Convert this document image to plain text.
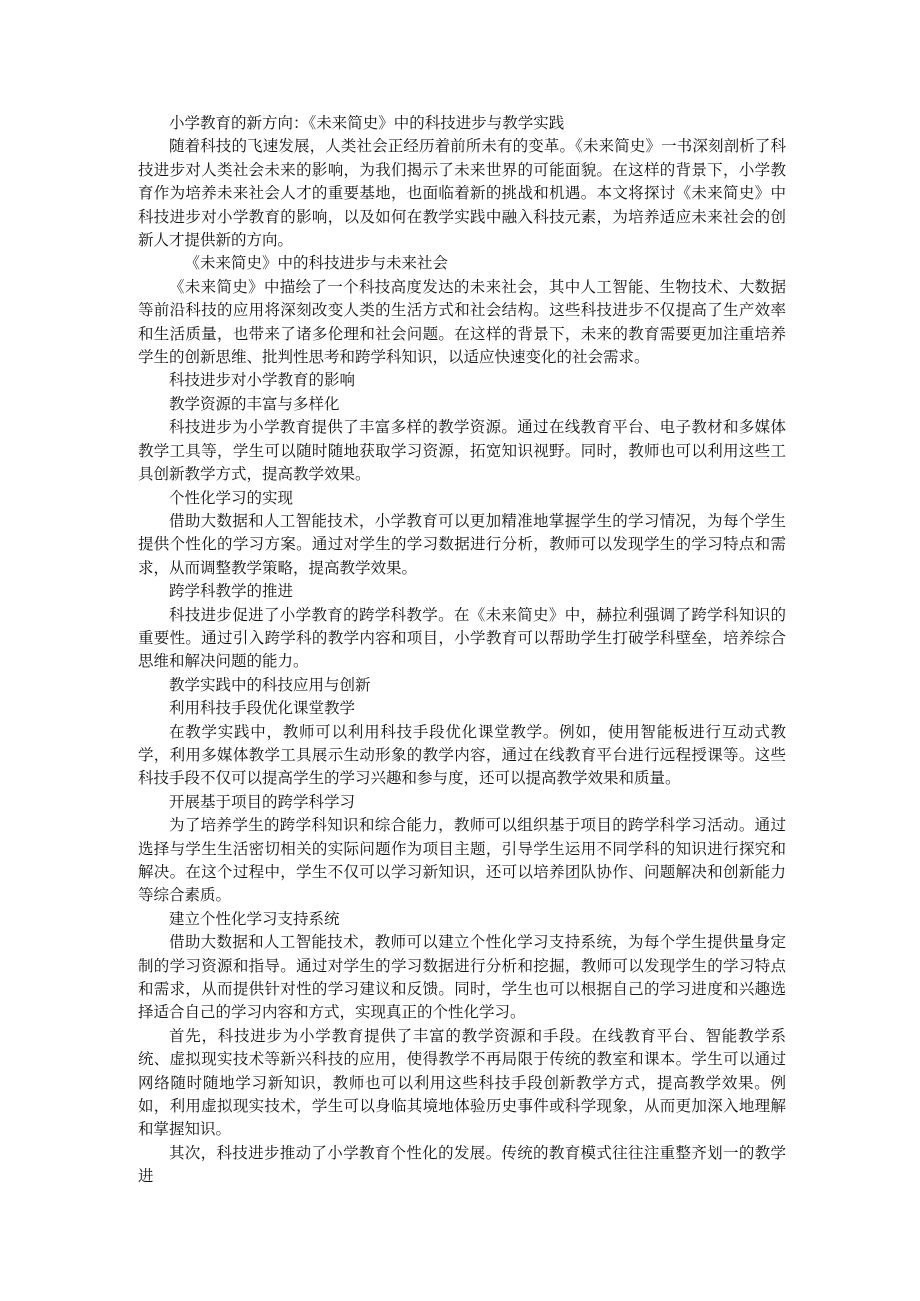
小学教育的新方向：《未来简史》中的科技进步与教学实践

随着科技的飞速发展，人类社会正经历着前所未有的变革。《未来简史》一书深刻剖析了科技进步对人类社会未来的影响，为我们揭示了未来世界的可能面貌。在这样的背景下，小学教育作为培养未来社会人才的重要基地，也面临着新的挑战和机遇。本文将探讨《未来简史》中科技进步对小学教育的影响，以及如何在教学实践中融入科技元素，为培养适应未来社会的创新人才提供新的方向。

《未来简史》中的科技进步与未来社会

《未来简史》中描绘了一个科技高度发达的未来社会，其中人工智能、生物技术、大数据等前沿科技的应用将深刻改变人类的生活方式和社会结构。这些科技进步不仅提高了生产效率和生活质量，也带来了诸多伦理和社会问题。在这样的背景下，未来的教育需要更加注重培养学生的创新思维、批判性思考和跨学科知识，以适应快速变化的社会需求。

科技进步对小学教育的影响

教学资源的丰富与多样化

科技进步为小学教育提供了丰富多样的教学资源。通过在线教育平台、电子教材和多媒体教学工具等，学生可以随时随地获取学习资源，拓宽知识视野。同时，教师也可以利用这些工具创新教学方式，提高教学效果。

个性化学习的实现

借助大数据和人工智能技术，小学教育可以更加精准地掌握学生的学习情况，为每个学生提供个性化的学习方案。通过对学生的学习数据进行分析，教师可以发现学生的学习特点和需求，从而调整教学策略，提高教学效果。

跨学科教学的推进

科技进步促进了小学教育的跨学科教学。在《未来简史》中，赫拉利强调了跨学科知识的重要性。通过引入跨学科的教学内容和项目，小学教育可以帮助学生打破学科壁垒，培养综合思维和解决问题的能力。

教学实践中的科技应用与创新

利用科技手段优化课堂教学

在教学实践中，教师可以利用科技手段优化课堂教学。例如，使用智能板进行互动式教学，利用多媒体教学工具展示生动形象的教学内容，通过在线教育平台进行远程授课等。这些科技手段不仅可以提高学生的学习兴趣和参与度，还可以提高教学效果和质量。

开展基于项目的跨学科学习

为了培养学生的跨学科知识和综合能力，教师可以组织基于项目的跨学科学习活动。通过选择与学生生活密切相关的实际问题作为项目主题，引导学生运用不同学科的知识进行探究和解决。在这个过程中，学生不仅可以学习新知识，还可以培养团队协作、问题解决和创新能力等综合素质。

建立个性化学习支持系统

借助大数据和人工智能技术，教师可以建立个性化学习支持系统，为每个学生提供量身定制的学习资源和指导。通过对学生的学习数据进行分析和挖掘，教师可以发现学生的学习特点和需求，从而提供针对性的学习建议和反馈。同时，学生也可以根据自己的学习进度和兴趣选择适合自己的学习内容和方式，实现真正的个性化学习。

首先，科技进步为小学教育提供了丰富的教学资源和手段。在线教育平台、智能教学系统、虚拟现实技术等新兴科技的应用，使得教学不再局限于传统的教室和课本。学生可以通过网络随时随地学习新知识，教师也可以利用这些科技手段创新教学方式，提高教学效果。例如，利用虚拟现实技术，学生可以身临其境地体验历史事件或科学现象，从而更加深入地理解和掌握知识。

其次，科技进步推动了小学教育个性化的发展。传统的教育模式往往注重整齐划一的教学进
